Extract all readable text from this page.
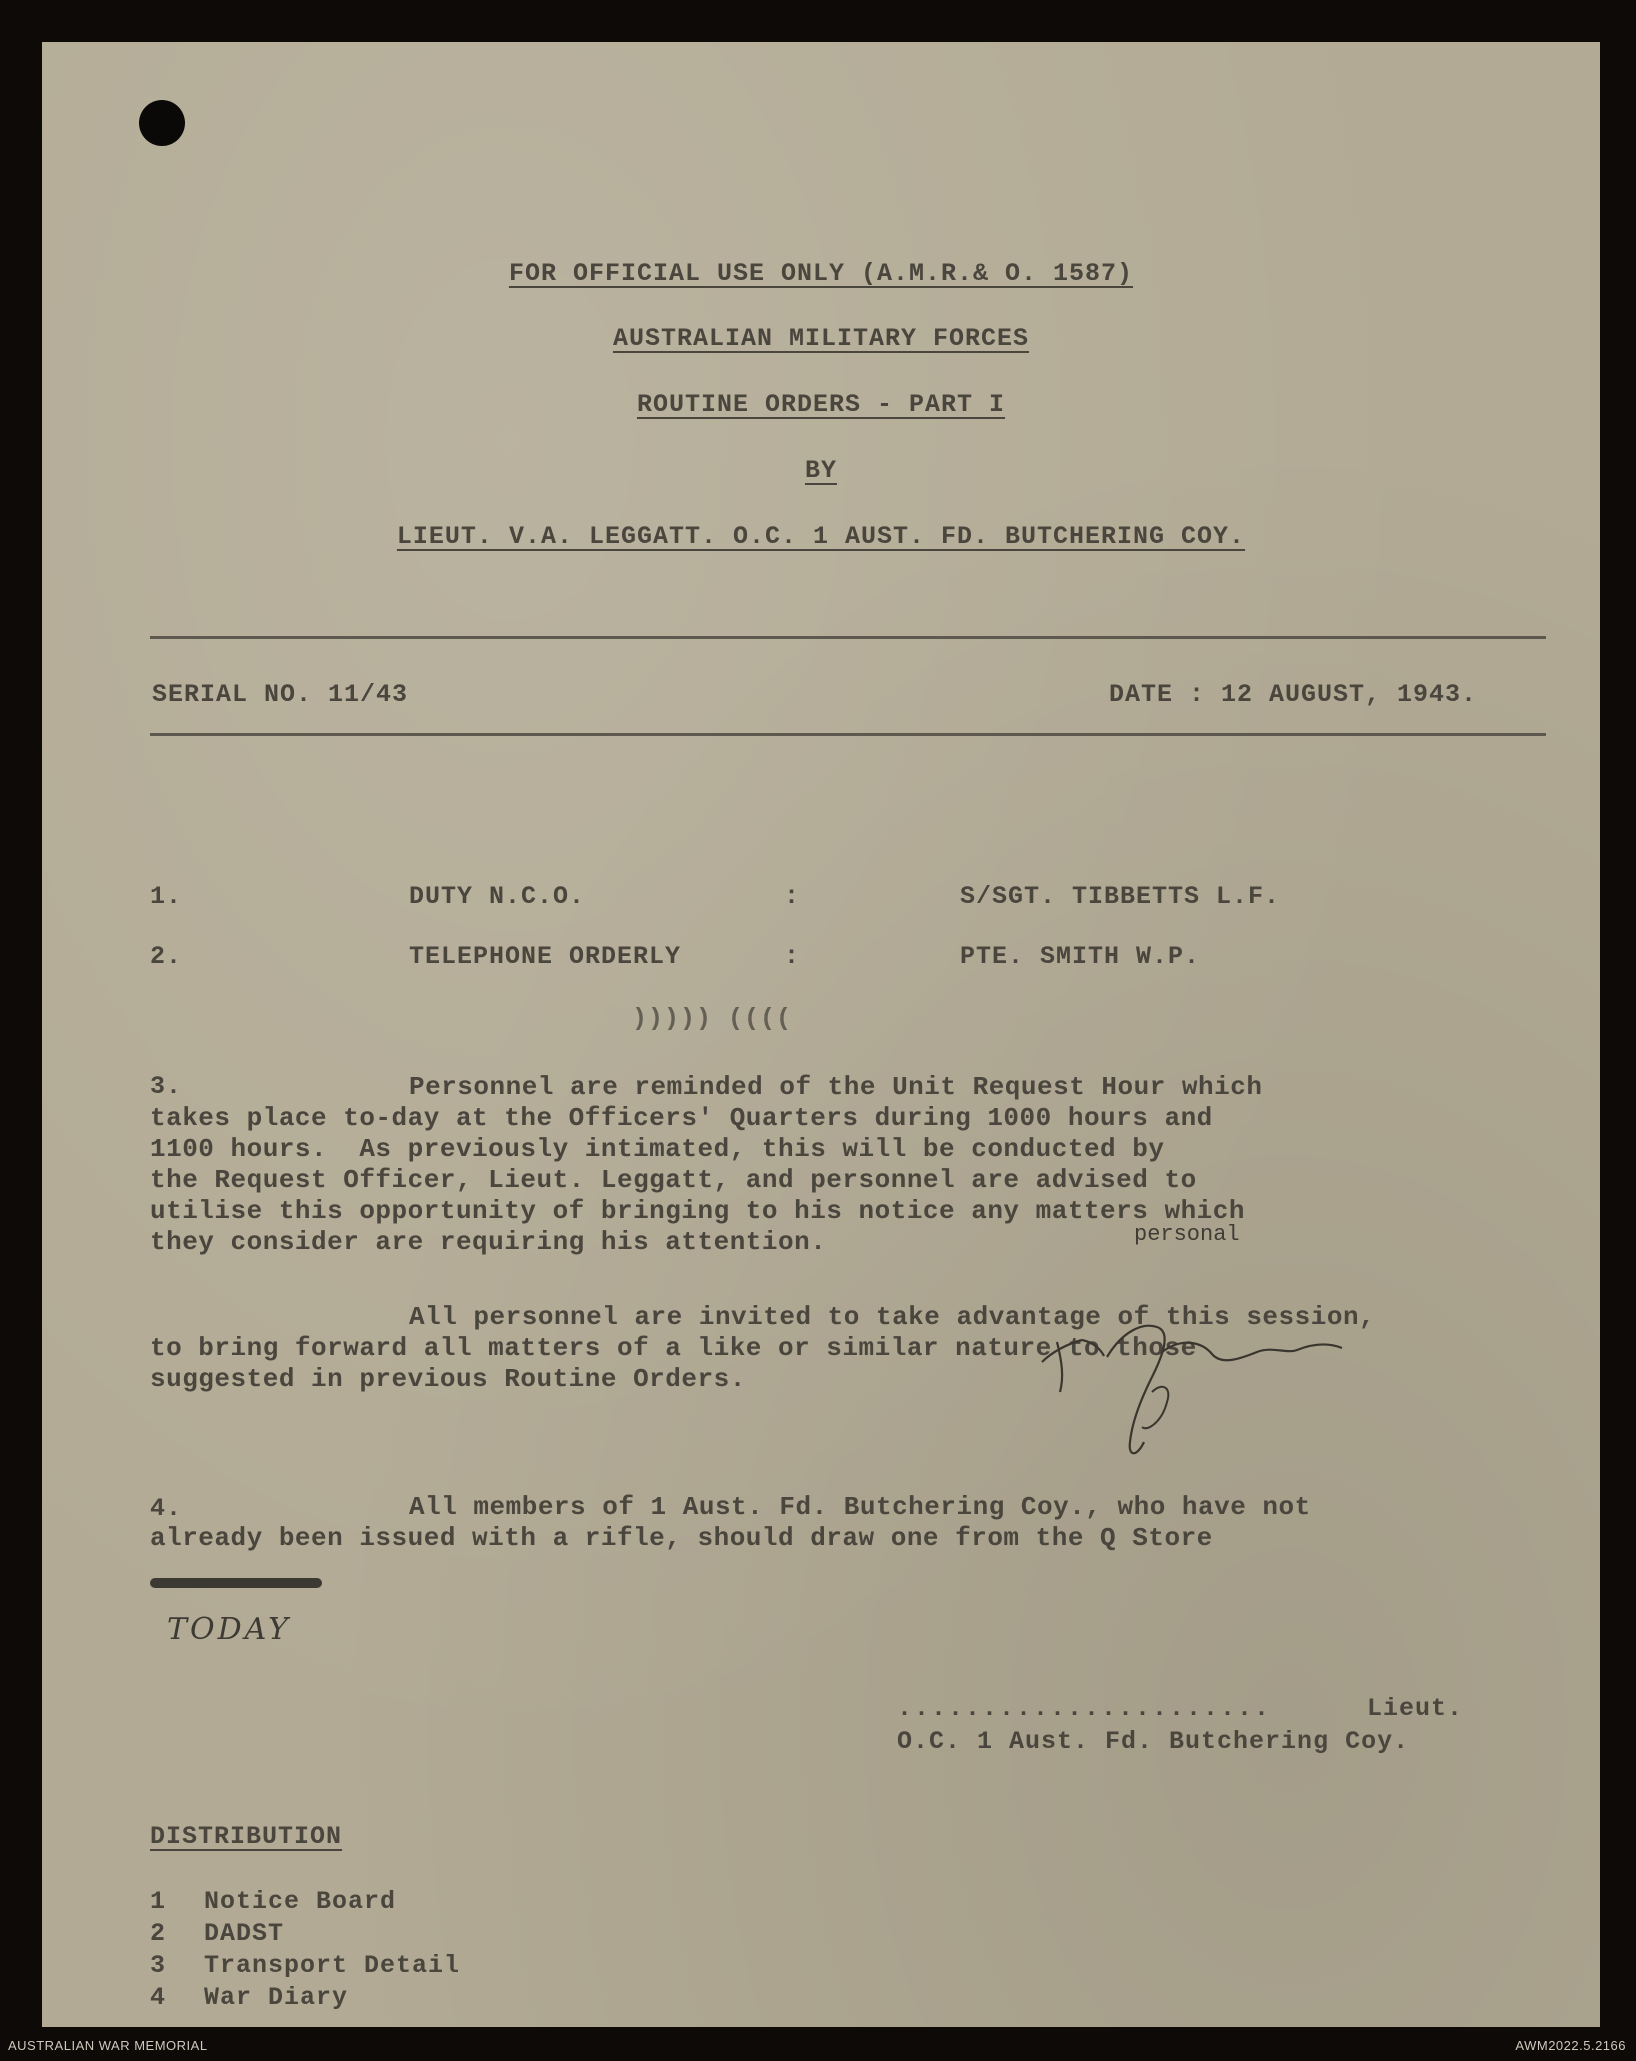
FOR OFFICIAL USE ONLY (A.M.R.& O. 1587)
AUSTRALIAN MILITARY FORCES
ROUTINE ORDERS - PART I
BY
LIEUT. V.A. LEGGATT. O.C. 1 AUST. FD. BUTCHERING COY.
SERIAL NO. 11/43	DATE : 12 AUGUST, 1943.
1.	DUTY N.C.O.	:	S/SGT. TIBBETTS L.F.
2.	TELEPHONE ORDERLY	:	PTE. SMITH W.P.
))))) ((((
3.	Personnel are reminded of the Unit Request Hour which
takes place to-day at the Officers' Quarters during 1000 hours and
1100 hours.  As previously intimated, this will be conducted by
the Request Officer, Lieut. Leggatt, and personnel are advised to
utilise this opportunity of bringing to his notice any matters which
they consider are requiring his attention.	personal
All personnel are invited to take advantage of this session,
to bring forward all matters of a like or similar nature to those
suggested in previous Routine Orders.
4.	All members of 1 Aust. Fd. Butchering Coy., who have not
already been issued with a rifle, should draw one from the Q Store
TODAY
......................	Lieut.
O.C. 1 Aust. Fd. Butchering Coy.
DISTRIBUTION
1 Notice Board
2 DADST
3 Transport Detail
4 War Diary
AUSTRALIAN WAR MEMORIAL	AWM2022.5.2166
